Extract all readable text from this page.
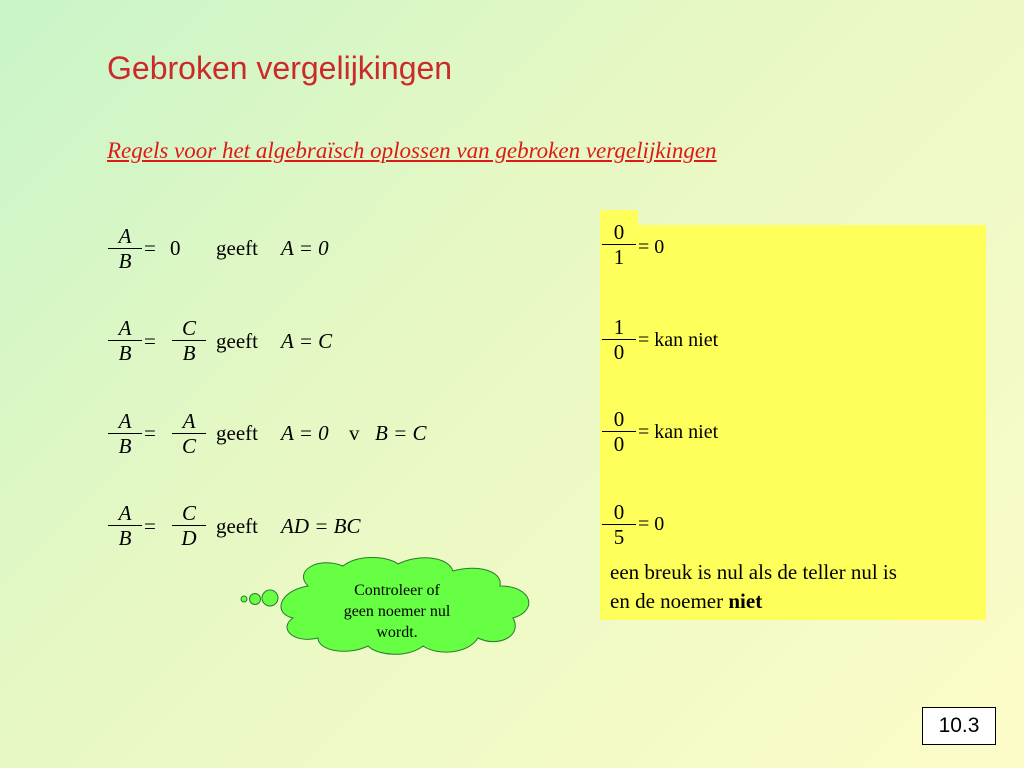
Gebroken vergelijkingen
Regels voor het algebraïsch oplossen van gebroken vergelijkingen
A
B
= 0 geeft A = 0
A
B =
C
B geeft A = C
A
B
=	A
C
geeft A = 0 v B = C
A
B =
C
D geeft AD = BC
0
1 = 0
1
0 = kan niet
0
0 = kan niet
0
5
= 0
een breuk is nul als de teller nul is
en de noemer niet
Controleer of
geen noemer nul
wordt.
10.3
